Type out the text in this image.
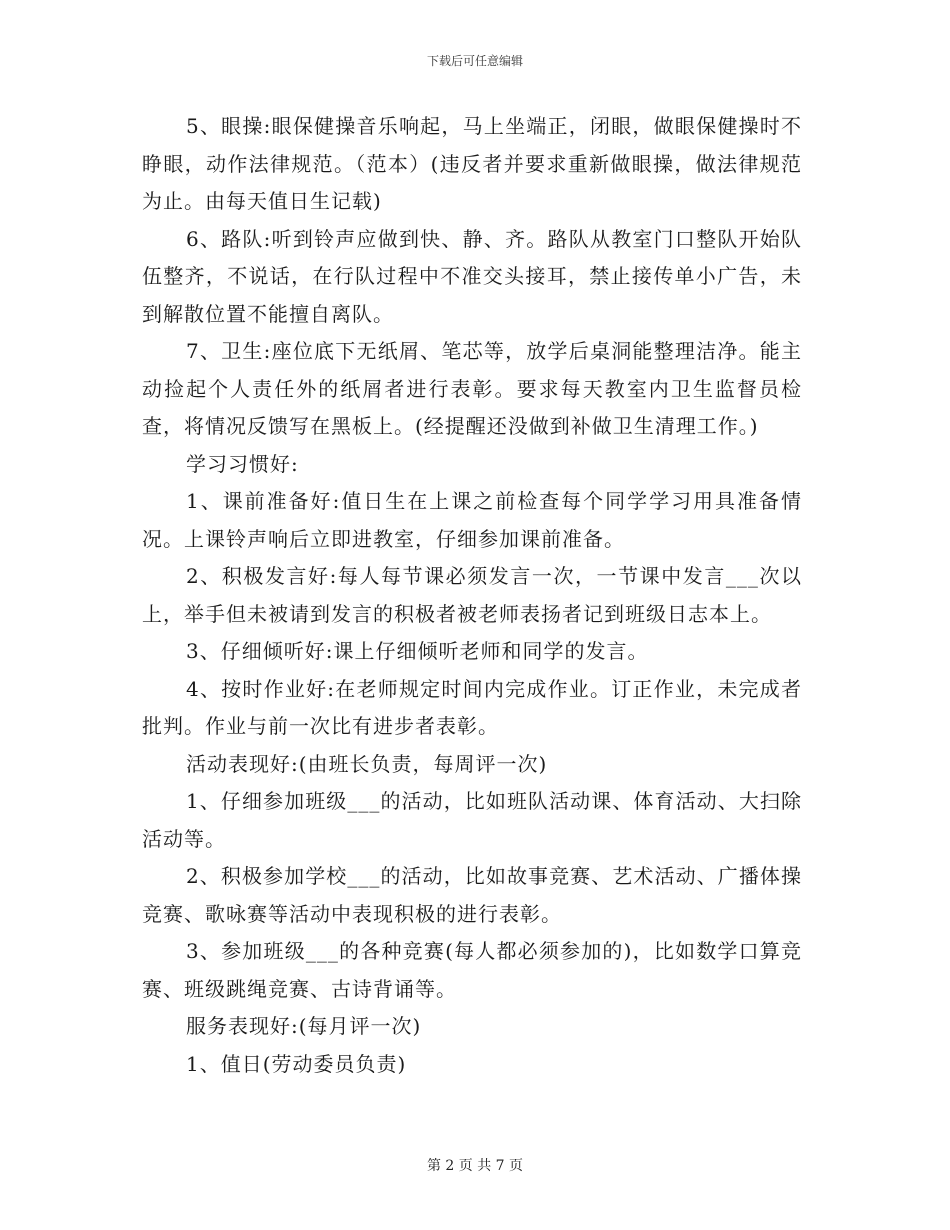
下载后可任意编辑

5、眼操:眼保健操音乐响起，马上坐端正，闭眼，做眼保健操时不睁眼，动作法律规范。（范本）(违反者并要求重新做眼操，做法律规范为止。由每天值日生记载)

6、路队:听到铃声应做到快、静、齐。路队从教室门口整队开始队伍整齐，不说话，在行队过程中不准交头接耳，禁止接传单小广告，未到解散位置不能擅自离队。

7、卫生:座位底下无纸屑、笔芯等，放学后桌洞能整理洁净。能主动捡起个人责任外的纸屑者进行表彰。要求每天教室内卫生监督员检查，将情况反馈写在黑板上。(经提醒还没做到补做卫生清理工作。)

学习习惯好:

1、课前准备好:值日生在上课之前检查每个同学学习用具准备情况。上课铃声响后立即进教室，仔细参加课前准备。

2、积极发言好:每人每节课必须发言一次，一节课中发言___次以上，举手但未被请到发言的积极者被老师表扬者记到班级日志本上。

3、仔细倾听好:课上仔细倾听老师和同学的发言。

4、按时作业好:在老师规定时间内完成作业。订正作业，未完成者批判。作业与前一次比有进步者表彰。

活动表现好:(由班长负责，每周评一次)

1、仔细参加班级___的活动，比如班队活动课、体育活动、大扫除活动等。

2、积极参加学校___的活动，比如故事竞赛、艺术活动、广播体操竞赛、歌咏赛等活动中表现积极的进行表彰。

3、参加班级___的各种竞赛(每人都必须参加的)，比如数学口算竞赛、班级跳绳竞赛、古诗背诵等。

服务表现好:(每月评一次)

1、值日(劳动委员负责)

第 2 页 共 7 页
